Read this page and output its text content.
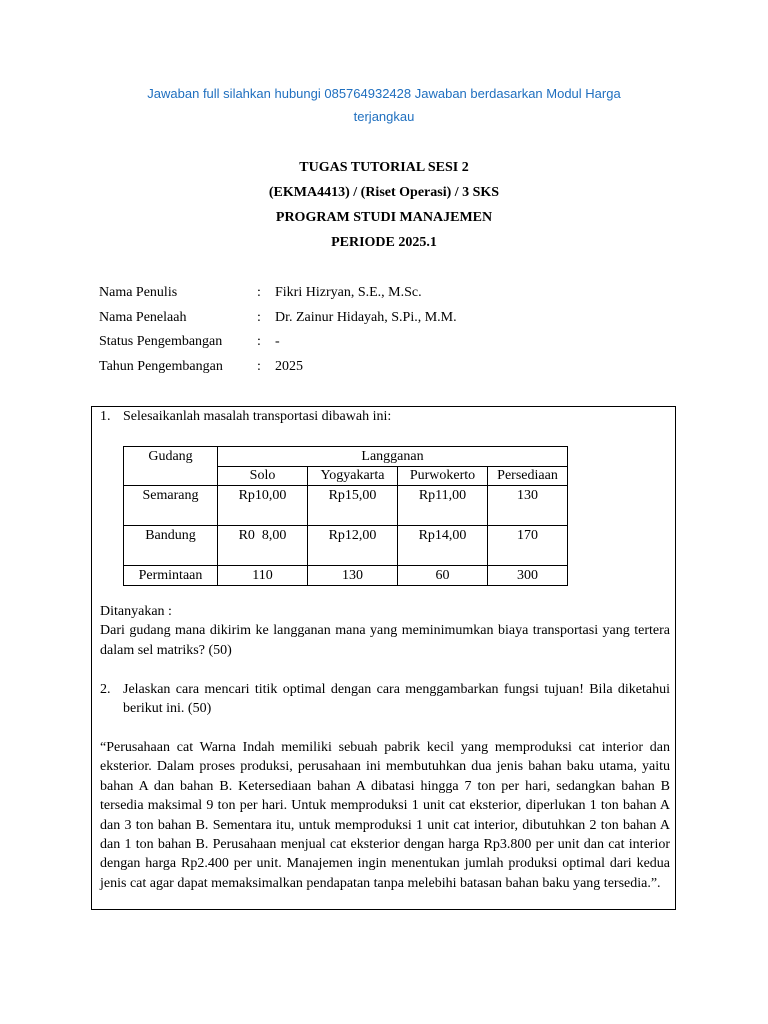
Jawaban full silahkan hubungi 085764932428 Jawaban berdasarkan Modul Harga
terjangkau
TUGAS TUTORIAL SESI 2
(EKMA4413) / (Riset Operasi) / 3 SKS
PROGRAM STUDI MANAJEMEN
PERIODE 2025.1
Nama Penulis	:	Fikri Hizryan, S.E., M.Sc.
Nama Penelaah	:	Dr. Zainur Hidayah, S.Pi., M.M.
Status Pengembangan	:	-
Tahun Pengembangan	:	2025
1. Selesaikanlah masalah transportasi dibawah ini:
Gudang	Langganan			
	Solo	Yogyakarta	Purwokerto	Persediaan
Semarang	Rp10,00	Rp15,00	Rp11,00	130
Bandung	R0  8,00	Rp12,00	Rp14,00	170
Permintaan	110	130	60	300
Ditanyakan :
Dari gudang mana dikirim ke langganan mana yang meminimumkan biaya transportasi yang tertera dalam sel matriks? (50)
2. Jelaskan cara mencari titik optimal dengan cara menggambarkan fungsi tujuan! Bila diketahui berikut ini. (50)
“Perusahaan cat Warna Indah memiliki sebuah pabrik kecil yang memproduksi cat interior dan eksterior. Dalam proses produksi, perusahaan ini membutuhkan dua jenis bahan baku utama, yaitu bahan A dan bahan B. Ketersediaan bahan A dibatasi hingga 7 ton per hari, sedangkan bahan B tersedia maksimal 9 ton per hari. Untuk memproduksi 1 unit cat eksterior, diperlukan 1 ton bahan A dan 3 ton bahan B. Sementara itu, untuk memproduksi 1 unit cat interior, dibutuhkan 2 ton bahan A dan 1 ton bahan B. Perusahaan menjual cat eksterior dengan harga Rp3.800 per unit dan cat interior dengan harga Rp2.400 per unit. Manajemen ingin menentukan jumlah produksi optimal dari kedua jenis cat agar dapat memaksimalkan pendapatan tanpa melebihi batasan bahan baku yang tersedia.”.
